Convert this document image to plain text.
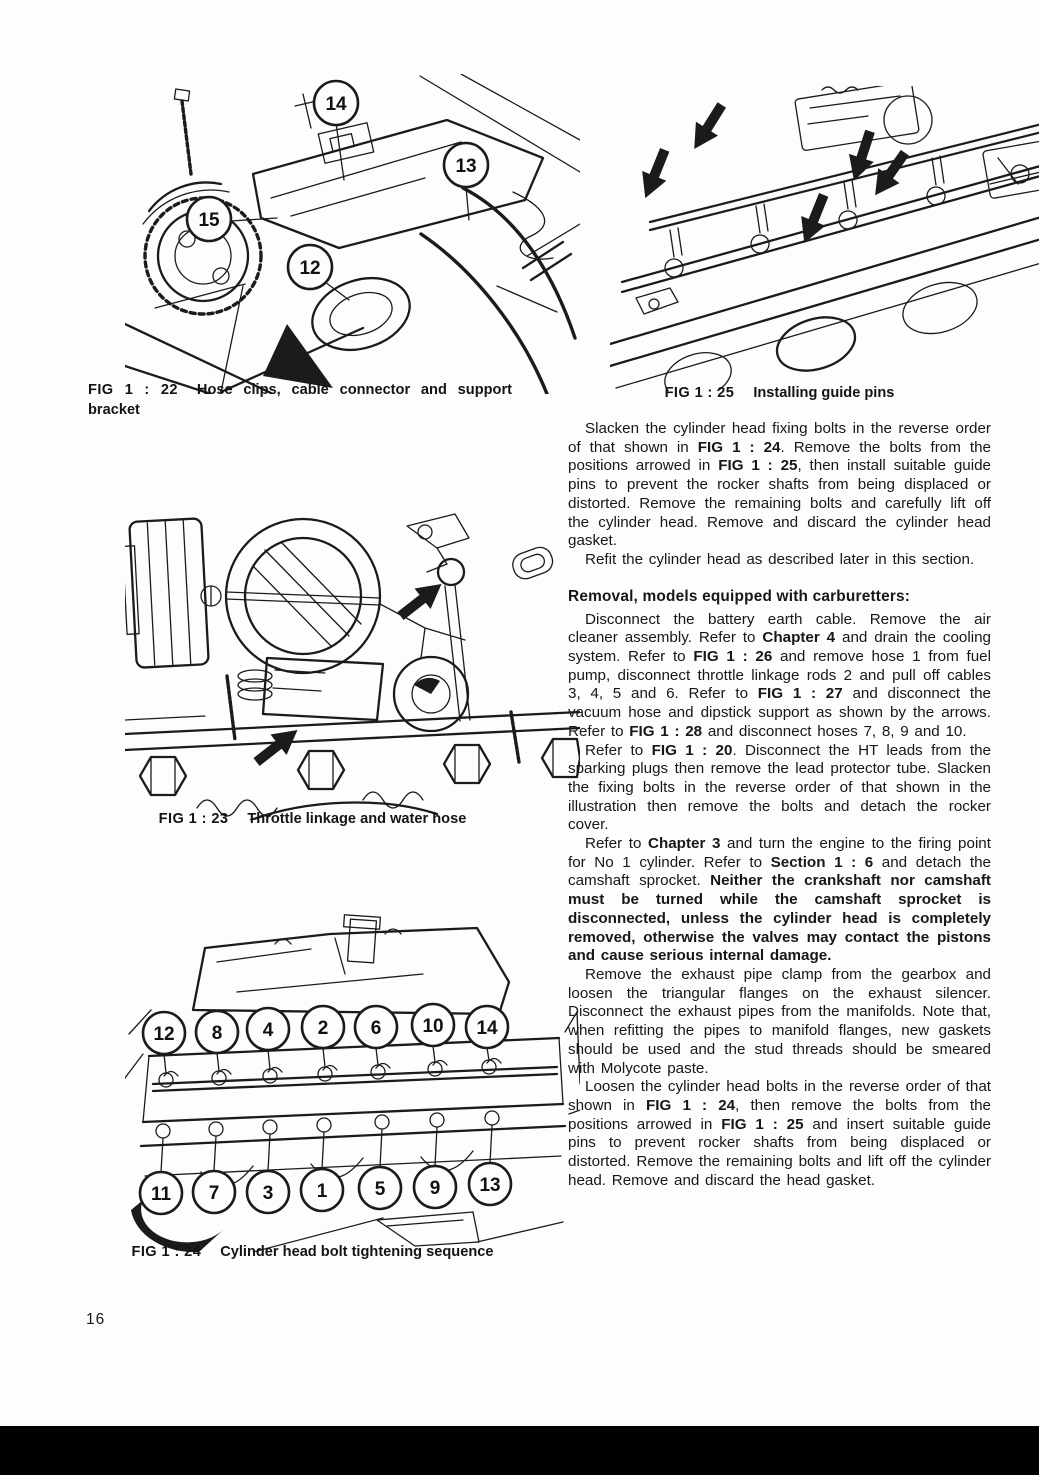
14
13
15
12
FIG 1 : 22 Hose clips, cable connector and support bracket
FIG 1 : 25 Installing guide pins
FIG 1 : 23 Throttle linkage and water hose
12 8 4 2 6 10 14
11 7 3 1 5 9 13
FIG 1 : 24 Cylinder head bolt tightening sequence

Slacken the cylinder head fixing bolts in the reverse order of that shown in FIG 1 : 24. Remove the bolts from the positions arrowed in FIG 1 : 25, then install suitable guide pins to prevent the rocker shafts from being displaced or distorted. Remove the remaining bolts and carefully lift off the cylinder head. Remove and discard the cylinder head gasket.

Refit the cylinder head as described later in this section.

Removal, models equipped with carburetters:

Disconnect the battery earth cable. Remove the air cleaner assembly. Refer to Chapter 4 and drain the cooling system. Refer to FIG 1 : 26 and remove hose 1 from fuel pump, disconnect throttle linkage rods 2 and pull off cables 3, 4, 5 and 6. Refer to FIG 1 : 27 and disconnect the vacuum hose and dipstick support as shown by the arrows. Refer to FIG 1 : 28 and disconnect hoses 7, 8, 9 and 10.

Refer to FIG 1 : 20. Disconnect the HT leads from the sparking plugs then remove the lead protector tube. Slacken the fixing bolts in the reverse order of that shown in the illustration then remove the bolts and detach the rocker cover.

Refer to Chapter 3 and turn the engine to the firing point for No 1 cylinder. Refer to Section 1 : 6 and detach the camshaft sprocket. Neither the crankshaft nor camshaft must be turned while the camshaft sprocket is disconnected, unless the cylinder head is completely removed, otherwise the valves may contact the pistons and cause serious internal damage.

Remove the exhaust pipe clamp from the gearbox and loosen the triangular flanges on the exhaust silencer. Disconnect the exhaust pipes from the manifolds. Note that, when refitting the pipes to manifold flanges, new gaskets should be used and the stud threads should be smeared with Molycote paste.

Loosen the cylinder head bolts in the reverse order of that shown in FIG 1 : 24, then remove the bolts from the positions arrowed in FIG 1 : 25 and insert suitable guide pins to prevent rocker shafts from being displaced or distorted. Remove the remaining bolts and lift off the cylinder head. Remove and discard the head gasket.

16
